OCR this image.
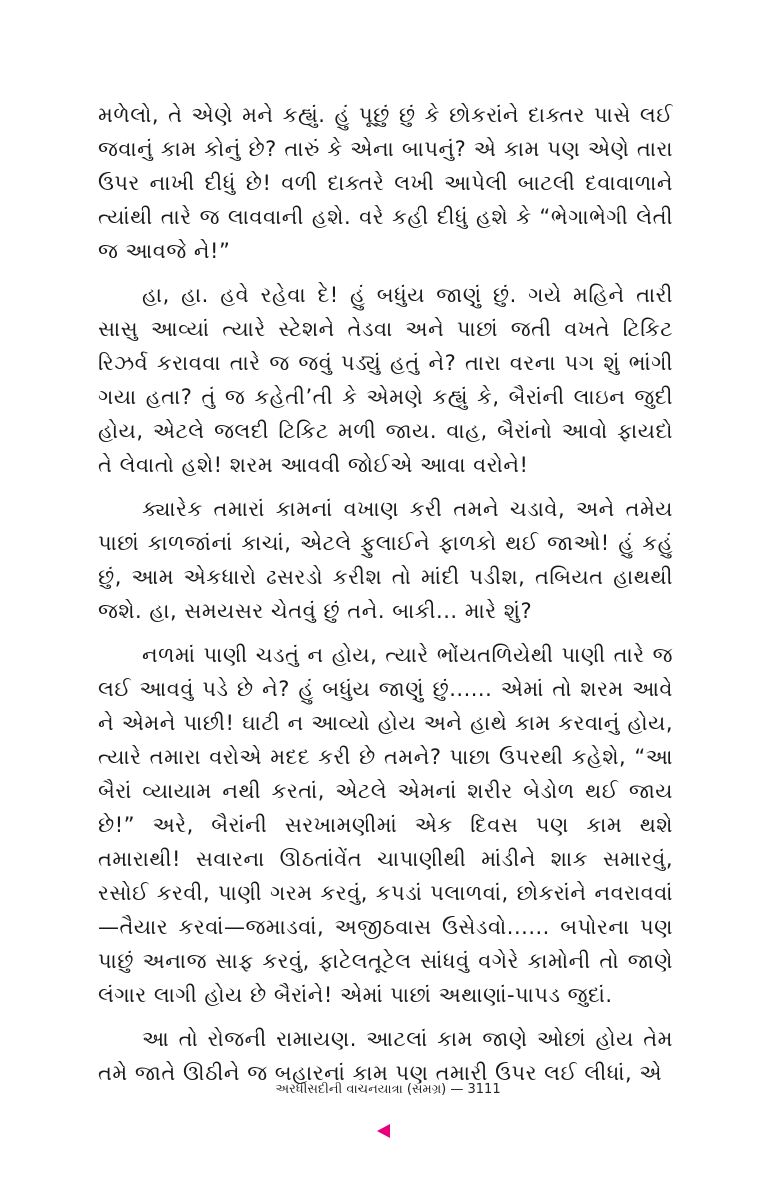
મળેલો, તે એણે મને કહ્યું. હું પૂછું છું કે છોકરાંને દાક્તર પાસે લઈ જવાનું કામ કોનું છે? તારું કે એના બાપનું? એ કામ પણ એણે તારા ઉપર નાખી દીધું છે! વળી દાક્તરે લખી આપેલી બાટલી દવાવાળાને ત્યાંથી તારે જ લાવવાની હશે. વરે કહી દીધું હશે કે “ભેગાભેગી લેતી જ આવજે ને!”

હા, હા. હવે રહેવા દે! હું બધુંય જાણું છું. ગયે મહિને તારી સાસુ આવ્યાં ત્યારે સ્ટેશને તેડવા અને પાછાં જતી વખતે ટિકિટ રિઝર્વ કરાવવા તારે જ જવું પડ્યું હતું ને? તારા વરના પગ શું ભાંગી ગયા હતા? તું જ કહેતી’તી કે એમણે કહ્યું કે, બૈરાંની લાઇન જુદી હોય, એટલે જલદી ટિકિટ મળી જાય. વાહ, બૈરાંનો આવો ફાયદો તે લેવાતો હશે! શરમ આવવી જોઈએ આવા વરોને!

ક્યારેક તમારાં કામનાં વખાણ કરી તમને ચડાવે, અને તમેય પાછાં કાળજાંનાં કાચાં, એટલે ફુલાઈને ફાળકો થઈ જાઓ! હું કહું છું, આમ એકધારો ઢસરડો કરીશ તો માંદી પડીશ, તબિયત હાથથી જશે. હા, સમયસર ચેતવું છું તને. બાકી... મારે શું?

નળમાં પાણી ચડતું ન હોય, ત્યારે ભોંયતળિયેથી પાણી તારે જ લઈ આવવું પડે છે ને? હું બધુંય જાણું છું...... એમાં તો શરમ આવે ને એમને પાછી! ઘાટી ન આવ્યો હોય અને હાથે કામ કરવાનું હોય, ત્યારે તમારા વરોએ મદદ કરી છે તમને? પાછા ઉપરથી કહેશે, “આ બૈરાં વ્યાયામ નથી કરતાં, એટલે એમનાં શરીર બેડોળ થઈ જાય છે!” અરે, બૈરાંની સરખામણીમાં એક દિવસ પણ કામ થશે તમારાથી! સવારના ઊઠતાંવેંત ચાપાણીથી માંડીને શાક સમારવું, રસોઈ કરવી, પાણી ગરમ કરવું, કપડાં પલાળવાં, છોકરાંને નવરાવવાં—તૈયાર કરવાં—જમાડવાં, અજીઠવાસ ઉસેડવો...... બપોરના પણ પાછું અનાજ સાફ કરવું, ફાટેલતૂટેલ સાંધવું વગેરે કામોની તો જાણે લંગાર લાગી હોય છે બૈરાંને! એમાં પાછાં અથાણાં-પાપડ જુદાં.

આ તો રોજની રામાયણ. આટલાં કામ જાણે ઓછાં હોય તેમ તમે જાતે ઊઠીને જ બહારનાં કામ પણ તમારી ઉપર લઈ લીધાં, એ

અરધીસદીની વાચનયાત્રા (સમગ્ર) — 3111
